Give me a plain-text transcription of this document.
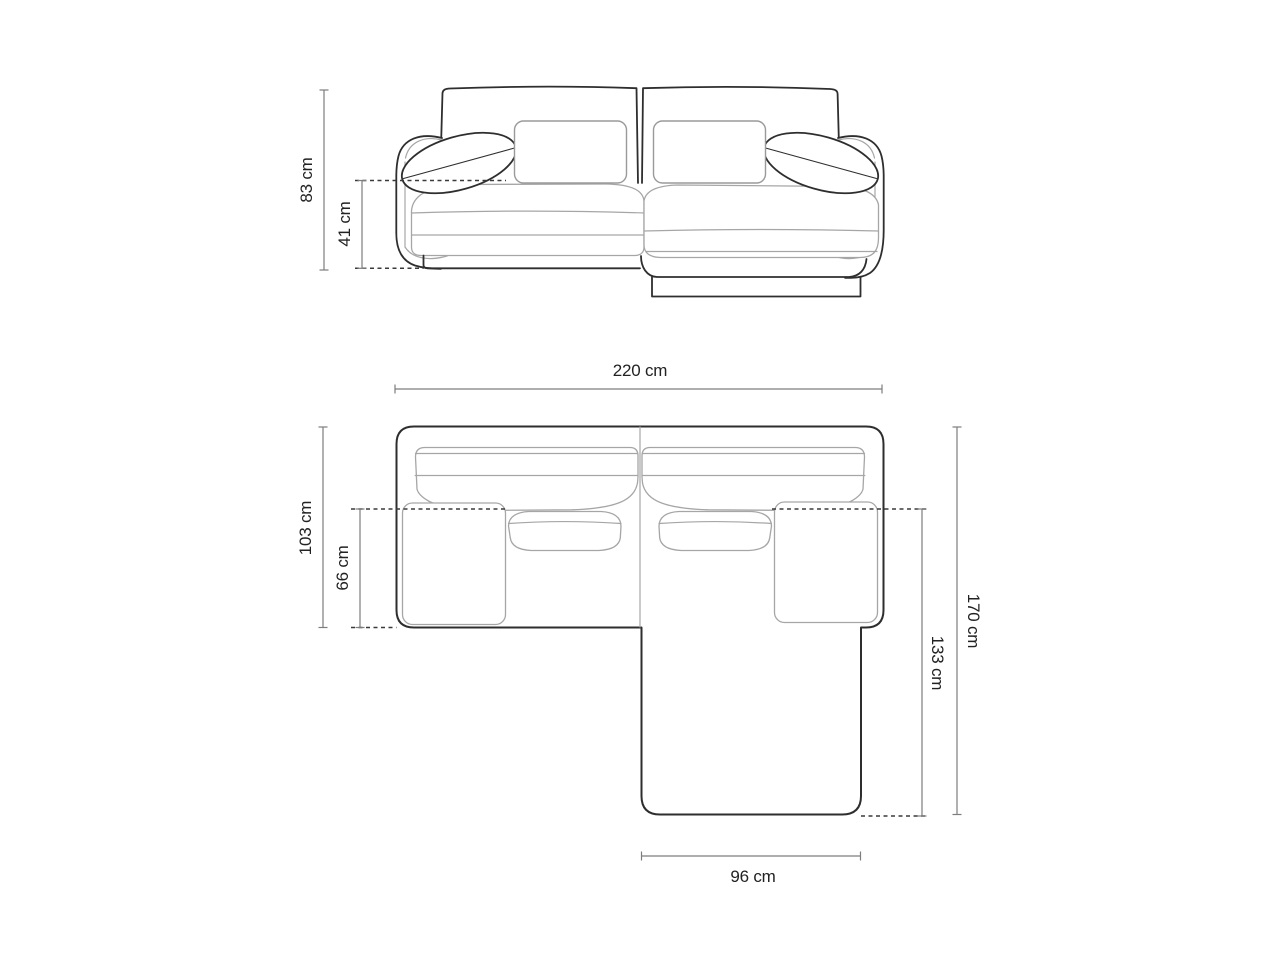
83 cm
41 cm
220 cm
103 cm
66 cm
170 cm
133 cm
96 cm
